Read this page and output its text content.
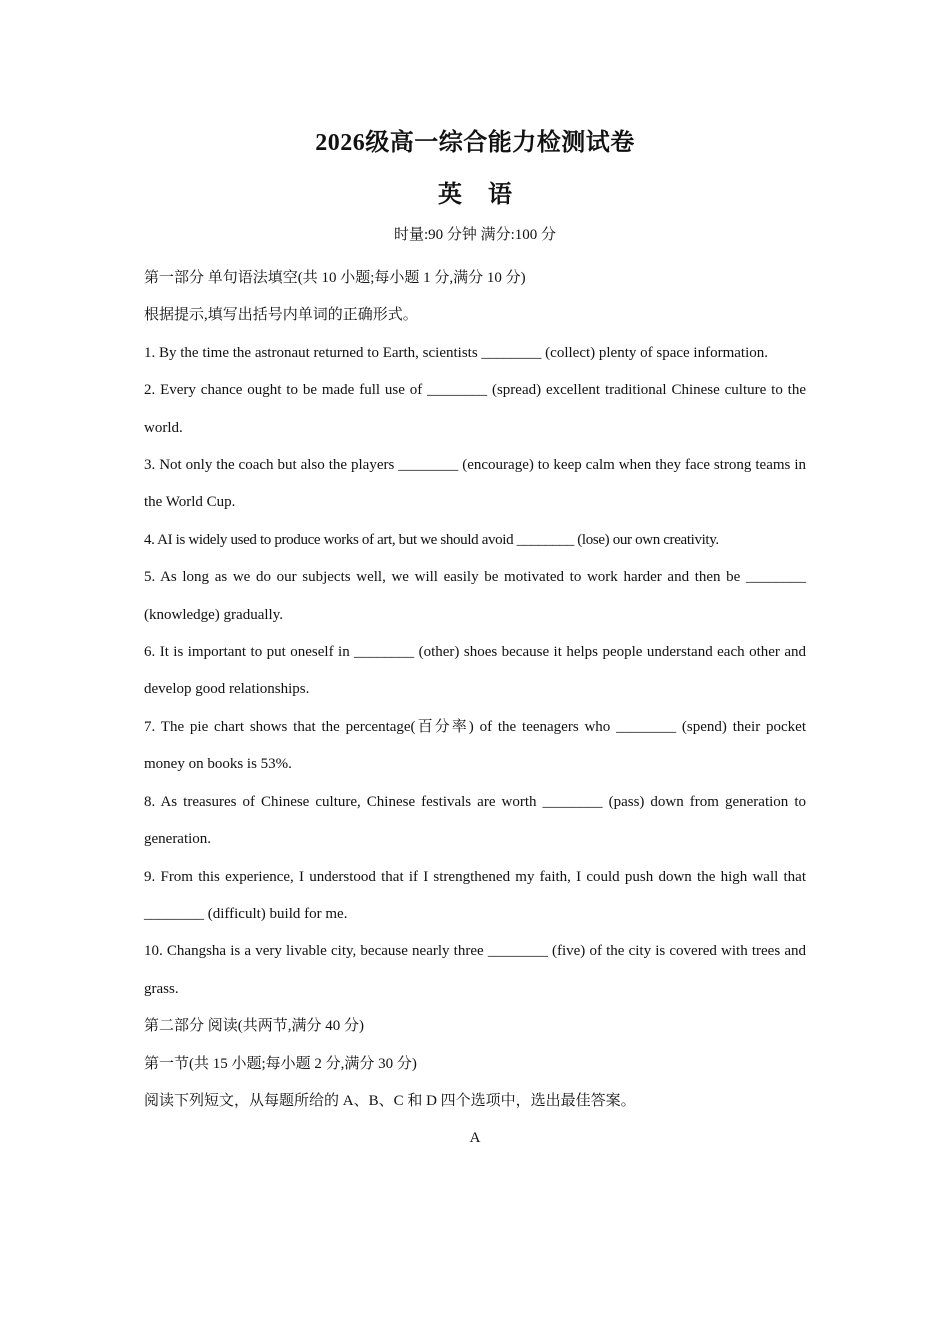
2026级高一综合能力检测试卷
英 语
时量:90 分钟 满分:100 分

第一部分 单句语法填空(共 10 小题;每小题 1 分,满分 10 分)

根据提示,填写出括号内单词的正确形式。

1. By the time the astronaut returned to Earth, scientists ________ (collect) plenty of space information.

2. Every chance ought to be made full use of ________ (spread) excellent traditional Chinese culture to the world.

3. Not only the coach but also the players ________ (encourage) to keep calm when they face strong teams in the World Cup.

4. AI is widely used to produce works of art, but we should avoid ________ (lose) our own creativity.

5. As long as we do our subjects well, we will easily be motivated to work harder and then be ________ (knowledge) gradually.

6. It is important to put oneself in ________ (other) shoes because it helps people understand each other and develop good relationships.

7. The pie chart shows that the percentage(百分率) of the teenagers who ________ (spend) their pocket money on books is 53%.

8. As treasures of Chinese culture, Chinese festivals are worth ________ (pass) down from generation to generation.

9. From this experience, I understood that if I strengthened my faith, I could push down the high wall that ________ (difficult) build for me.

10. Changsha is a very livable city, because nearly three ________ (five) of the city is covered with trees and grass.

第二部分 阅读(共两节,满分 40 分)

第一节(共 15 小题;每小题 2 分,满分 30 分)

阅读下列短文，从每题所给的 A、B、C 和 D 四个选项中，选出最佳答案。

A
